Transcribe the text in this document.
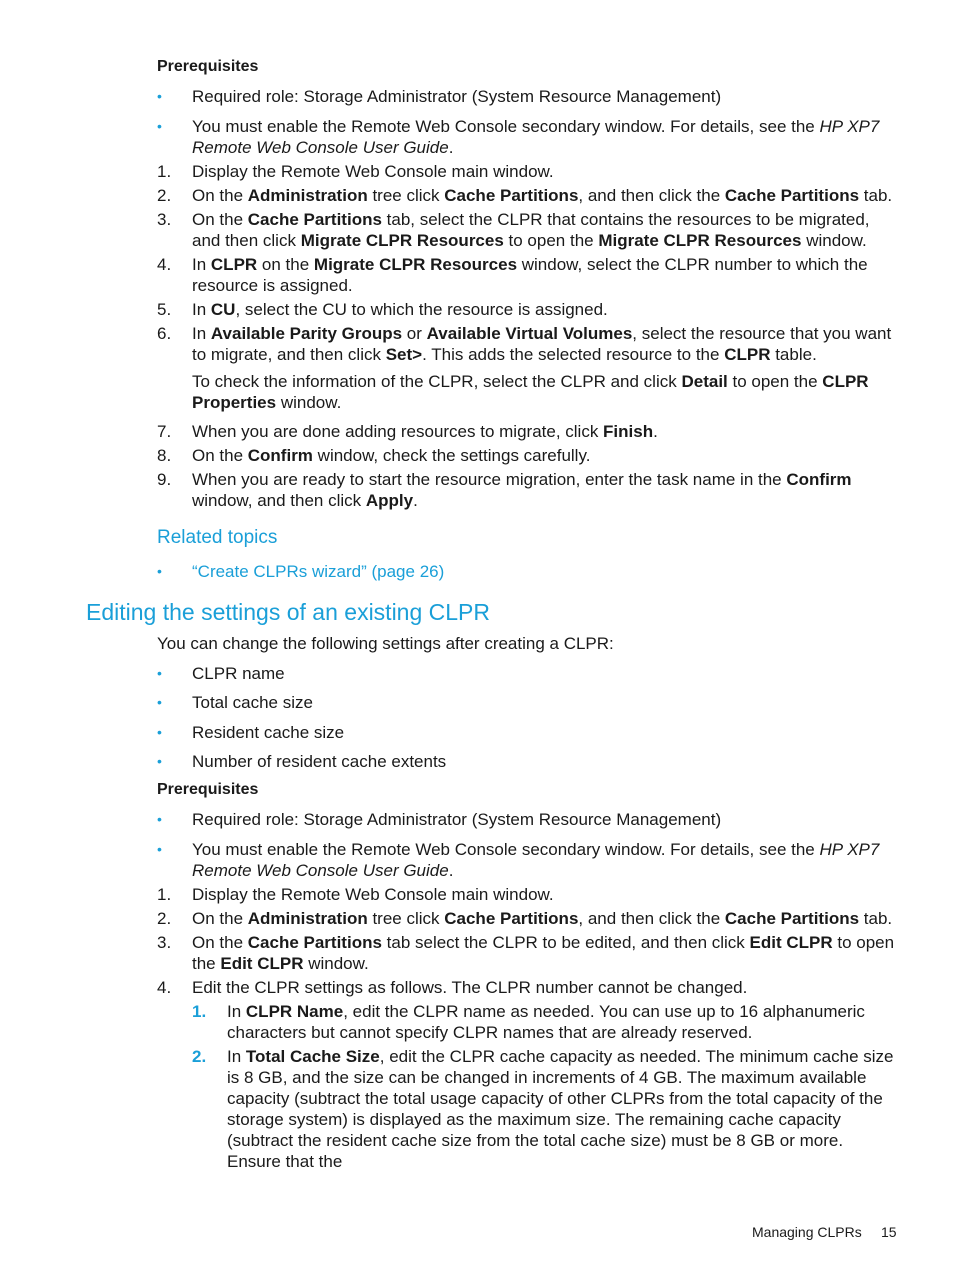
Prerequisites
• Required role: Storage Administrator (System Resource Management)
• You must enable the Remote Web Console secondary window. For details, see the HP XP7 Remote Web Console User Guide.
1.	Display the Remote Web Console main window.
2.	On the Administration tree click Cache Partitions, and then click the Cache Partitions tab.
3.	On the Cache Partitions tab, select the CLPR that contains the resources to be migrated, and then click Migrate CLPR Resources to open the Migrate CLPR Resources window.
4.	In CLPR on the Migrate CLPR Resources window, select the CLPR number to which the resource is assigned.
5.	In CU, select the CU to which the resource is assigned.
6.	In Available Parity Groups or Available Virtual Volumes, select the resource that you want to migrate, and then click Set>. This adds the selected resource to the CLPR table.
To check the information of the CLPR, select the CLPR and click Detail to open the CLPR Properties window.
7.	When you are done adding resources to migrate, click Finish.
8.	On the Confirm window, check the settings carefully.
9.	When you are ready to start the resource migration, enter the task name in the Confirm window, and then click Apply.
Related topics
• “Create CLPRs wizard” (page 26)
Editing the settings of an existing CLPR
You can change the following settings after creating a CLPR:
• CLPR name
• Total cache size
• Resident cache size
• Number of resident cache extents
Prerequisites
• Required role: Storage Administrator (System Resource Management)
• You must enable the Remote Web Console secondary window. For details, see the HP XP7 Remote Web Console User Guide.
1.	Display the Remote Web Console main window.
2.	On the Administration tree click Cache Partitions, and then click the Cache Partitions tab.
3.	On the Cache Partitions tab select the CLPR to be edited, and then click Edit CLPR to open the Edit CLPR window.
4.	Edit the CLPR settings as follows. The CLPR number cannot be changed.
1. In CLPR Name, edit the CLPR name as needed. You can use up to 16 alphanumeric characters but cannot specify CLPR names that are already reserved.
2. In Total Cache Size, edit the CLPR cache capacity as needed. The minimum cache size is 8 GB, and the size can be changed in increments of 4 GB. The maximum available capacity (subtract the total usage capacity of other CLPRs from the total capacity of the storage system) is displayed as the maximum size. The remaining cache capacity (subtract the resident cache size from the total cache size) must be 8 GB or more. Ensure that the
Managing CLPRs 15
